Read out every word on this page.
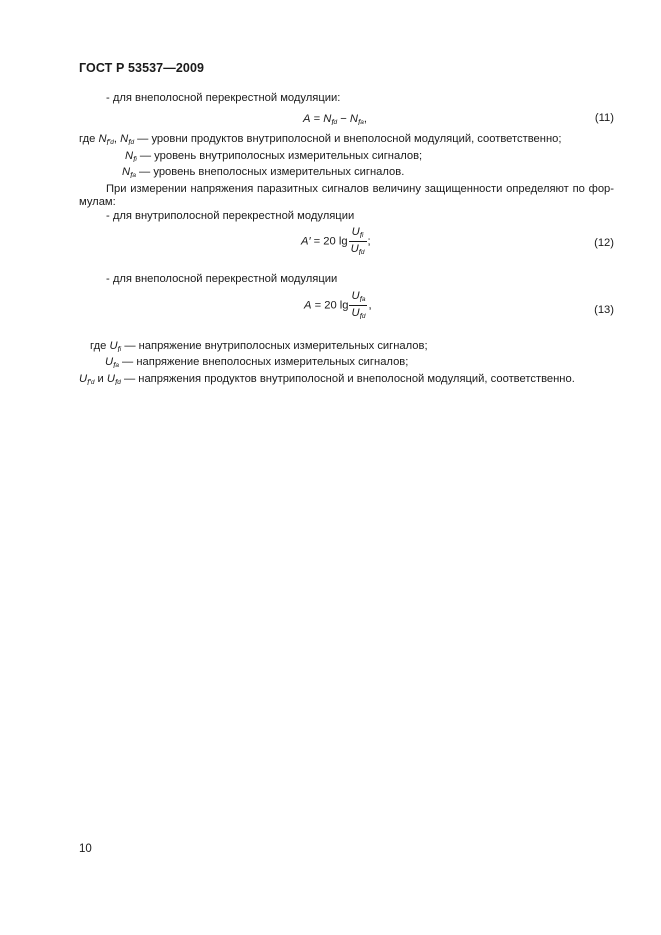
ГОСТ Р 53537—2009
- для внеполосной перекрестной модуляции:
$A = N_fd - N_fa$,	(11)
где $N_{f'}d$, $N_fd$ — уровни продуктов внутриполосной и внеполосной модуляций, соответственно;
$N_fi$ — уровень внутриполосных измерительных сигналов;
$N_fa$ — уровень внеполосных измерительных сигналов.
При измерении напряжения паразитных сигналов величину защищенности определяют по фор-
мулам:
- для внутриполосной перекрестной модуляции
A′ = 20 $\lg \frac{U_fi}{U_fd}$ ;	(12)
- для внеполосной перекрестной модуляции
A = 20 $\lg \frac{U_fa}{U_fd}$ ,	(13)
где $U_fi$ — напряжение внутриполосных измерительных сигналов;
$U_fa$ — напряжение внеполосных измерительных сигналов;
$U_{f'}d$ и $U_fd$ — напряжения продуктов внутриполосной и внеполосной модуляций, соответственно.
10
